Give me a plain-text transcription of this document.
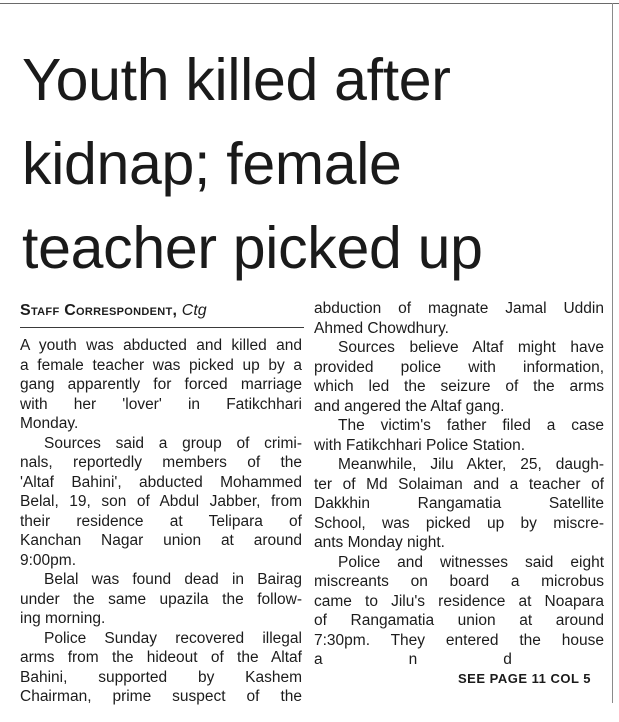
Youth killed after
kidnap; female
teacher picked up
Staff Correspondent, Ctg
A youth was abducted and killed and
a female teacher was picked up by a
gang apparently for forced marriage
with her 'lover' in Fatikchhari
Monday.
Sources said a group of crimi-
nals, reportedly members of the
'Altaf Bahini', abducted Mohammed
Belal, 19, son of Abdul Jabber, from
their residence at Telipara of
Kanchan Nagar union at around
9:00pm.
Belal was found dead in Bairag
under the same upazila the follow-
ing morning.
Police Sunday recovered illegal
arms from the hideout of the Altaf
Bahini, supported by Kashem
Chairman, prime suspect of the
abduction of magnate Jamal Uddin
Ahmed Chowdhury.
Sources believe Altaf might have
provided police with information,
which led the seizure of the arms
and angered the Altaf gang.
The victim's father filed a case
with Fatikchhari Police Station.
Meanwhile, Jilu Akter, 25, daugh-
ter of Md Solaiman and a teacher of
Dakkhin Rangamatia Satellite
School, was picked up by miscre-
ants Monday night.
Police and witnesses said eight
miscreants on board a microbus
came to Jilu's residence at Noapara
of Rangamatia union at around
7:30pm. They entered the house
and
SEE PAGE 11 COL 5
